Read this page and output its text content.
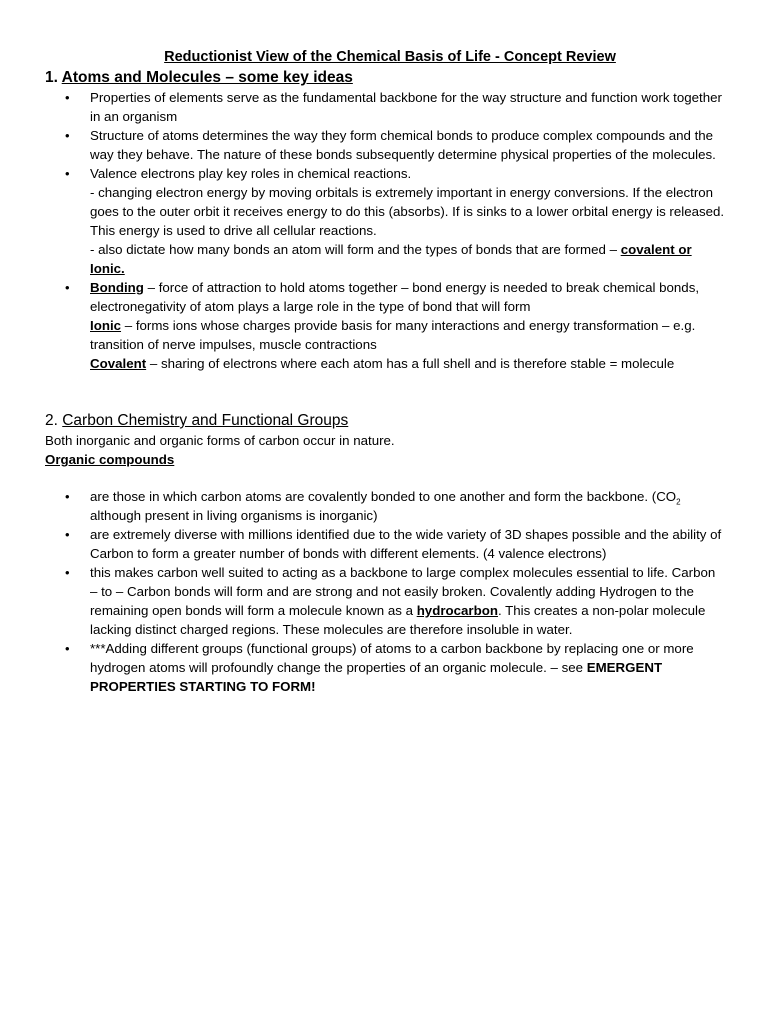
Reductionist View of the Chemical Basis of Life - Concept Review
1. Atoms and Molecules – some key ideas
• Properties of elements serve as the fundamental backbone for the way structure and function work together in an organism
• Structure of atoms determines the way they form chemical bonds to produce complex compounds and the way they behave. The nature of these bonds subsequently determine physical properties of the molecules.
• Valence electrons play key roles in chemical reactions.
- changing electron energy by moving orbitals is extremely important in energy conversions. If the electron goes to the outer orbit it receives energy to do this (absorbs). If is sinks to a lower orbital energy is released. This energy is used to drive all cellular reactions.
- also dictate how many bonds an atom will form and the types of bonds that are formed – covalent or Ionic.
• Bonding – force of attraction to hold atoms together – bond energy is needed to break chemical bonds, electronegativity of atom plays a large role in the type of bond that will form
Ionic – forms ions whose charges provide basis for many interactions and energy transformation – e.g. transition of nerve impulses, muscle contractions
Covalent – sharing of electrons where each atom has a full shell and is therefore stable = molecule
2. Carbon Chemistry and Functional Groups

Both inorganic and organic forms of carbon occur in nature.

Organic compounds

• are those in which carbon atoms are covalently bonded to one another and form the backbone. ($CO_2$ although present in living organisms is inorganic)
• are extremely diverse with millions identified due to the wide variety of 3D shapes possible and the ability of Carbon to form a greater number of bonds with different elements. (4 valence electrons)
• this makes carbon well suited to acting as a backbone to large complex molecules essential to life. Carbon – to – Carbon bonds will form and are strong and not easily broken. Covalently adding Hydrogen to the remaining open bonds will form a molecule known as a hydrocarbon. This creates a non-polar molecule lacking distinct charged regions. These molecules are therefore insoluble in water.
• ***Adding different groups (functional groups) of atoms to a carbon backbone by replacing one or more hydrogen atoms will profoundly change the properties of an organic molecule. – see EMERGENT PROPERTIES STARTING TO FORM!
